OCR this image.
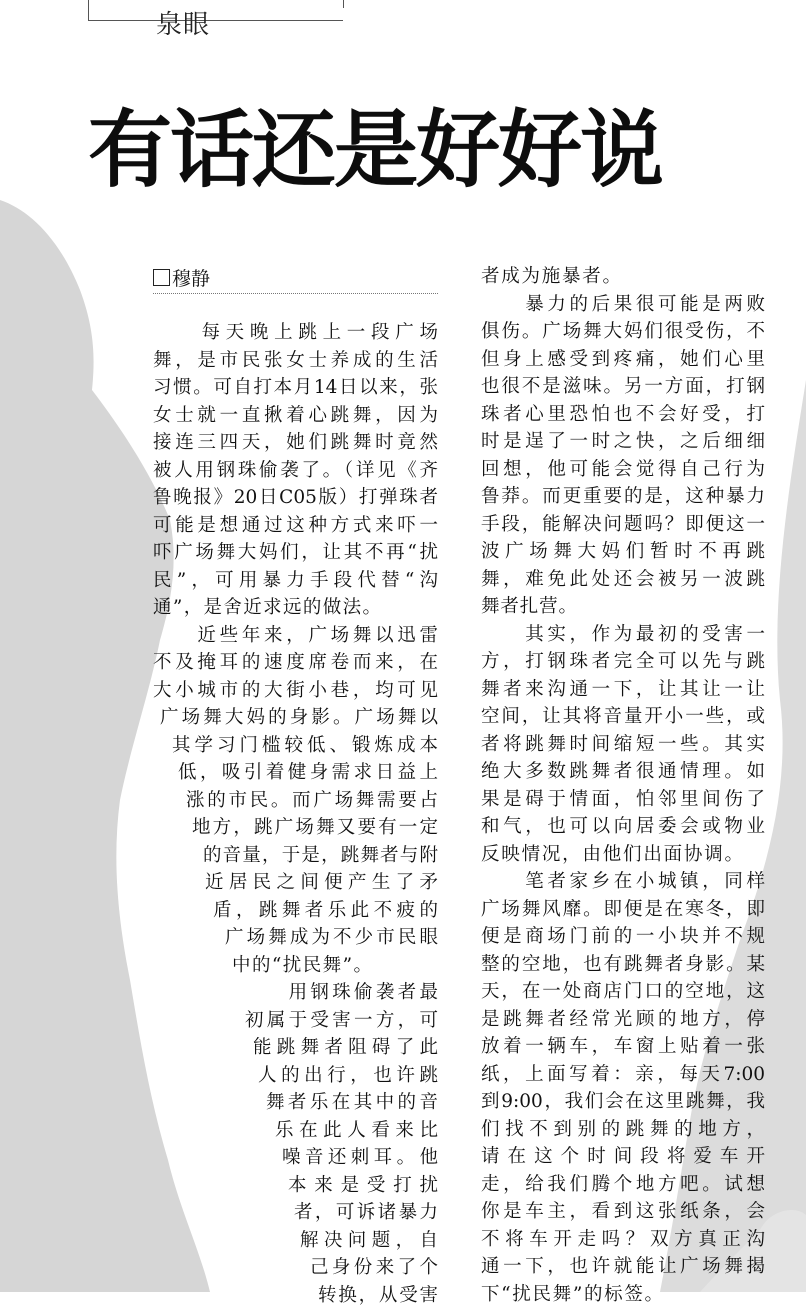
泉眼
有话还是好好说
穆静
　　每天晚上跳上一段广场
舞，是市民张女士养成的生活
习惯。可自打本月14日以来，张
女士就一直揪着心跳舞，因为
接连三四天，她们跳舞时竟然
被人用钢珠偷袭了。（详见《齐
鲁晚报》20日C05版）打弹珠者
可能是想通过这种方式来吓一
吓广场舞大妈们，让其不再“扰
民”，可用暴力手段代替“沟
通”，是舍近求远的做法。
　　近些年来，广场舞以迅雷
不及掩耳的速度席卷而来，在
大小城市的大街小巷，均可见
广场舞大妈的身影。广场舞以
其学习门槛较低、锻炼成本
低，吸引着健身需求日益上
涨的市民。而广场舞需要占
地方，跳广场舞又要有一定
的音量，于是，跳舞者与附
近居民之间便产生了矛
盾，跳舞者乐此不疲的
广场舞成为不少市民眼
中的“扰民舞”。
　　用钢珠偷袭者最
初属于受害一方，可
能跳舞者阻碍了此
人的出行，也许跳
舞者乐在其中的音
乐在此人看来比
噪音还刺耳。他
本来是受打扰
者，可诉诸暴力
解决问题，自
己身份来了个
转换，从受害
者成为施暴者。
　　暴力的后果很可能是两败
俱伤。广场舞大妈们很受伤，不
但身上感受到疼痛，她们心里
也很不是滋味。另一方面，打钢
珠者心里恐怕也不会好受，打
时是逞了一时之快，之后细细
回想，他可能会觉得自己行为
鲁莽。而更重要的是，这种暴力
手段，能解决问题吗？即便这一
波广场舞大妈们暂时不再跳
舞，难免此处还会被另一波跳
舞者扎营。
　　其实，作为最初的受害一
方，打钢珠者完全可以先与跳
舞者来沟通一下，让其让一让
空间，让其将音量开小一些，或
者将跳舞时间缩短一些。其实
绝大多数跳舞者很通情理。如
果是碍于情面，怕邻里间伤了
和气，也可以向居委会或物业
反映情况，由他们出面协调。
　　笔者家乡在小城镇，同样
广场舞风靡。即便是在寒冬，即
便是商场门前的一小块并不规
整的空地，也有跳舞者身影。某
天，在一处商店门口的空地，这
是跳舞者经常光顾的地方，停
放着一辆车，车窗上贴着一张
纸，上面写着：亲，每天7:00
到9:00，我们会在这里跳舞，我
们找不到别的跳舞的地方，
请在这个时间段将爱车开
走，给我们腾个地方吧。试想
你是车主，看到这张纸条，会
不将车开走吗？双方真正沟
通一下，也许就能让广场舞揭
下“扰民舞”的标签。
